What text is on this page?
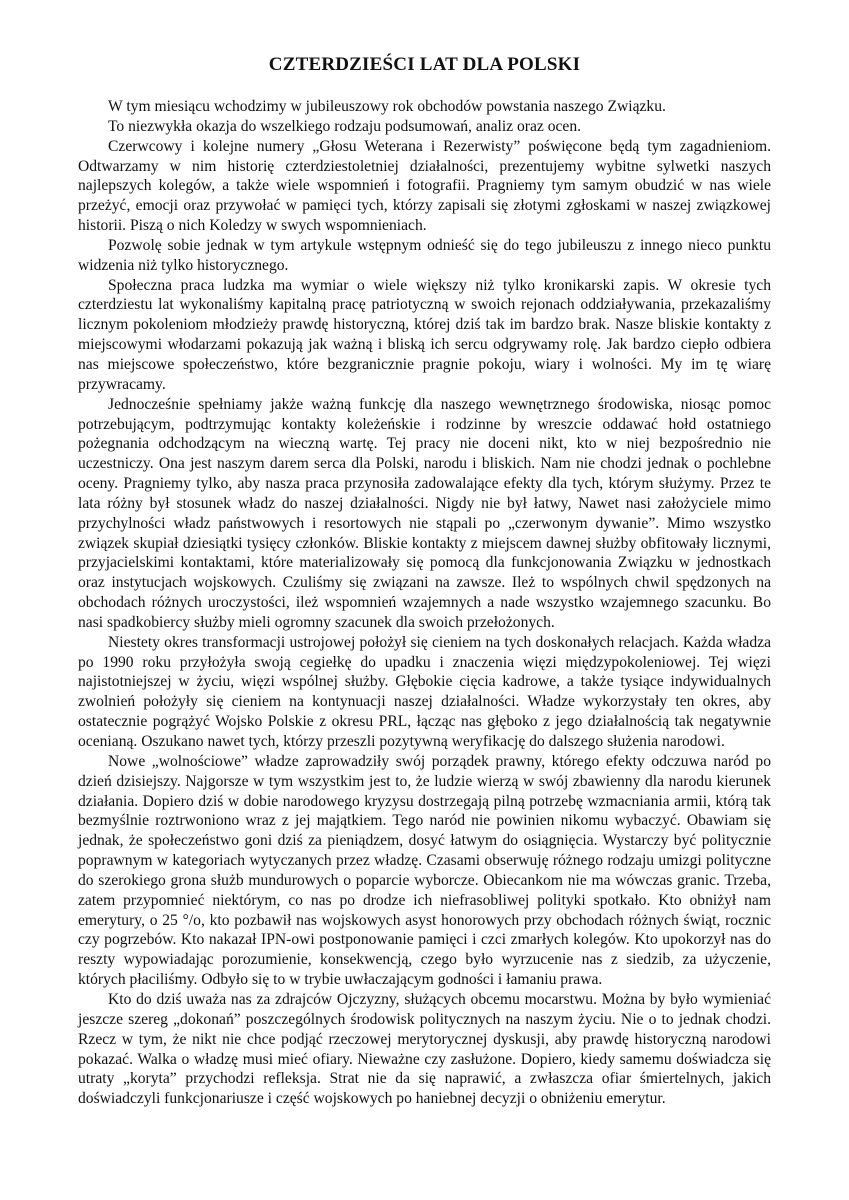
CZTERDZIEŚCI LAT DLA POLSKI

W tym miesiącu wchodzimy w jubileuszowy rok obchodów powstania naszego Związku.

To niezwykła okazja do wszelkiego rodzaju podsumowań, analiz oraz ocen.

Czerwcowy i kolejne numery „Głosu Weterana i Rezerwisty” poświęcone będą tym zagadnieniom. Odtwarzamy w nim historię czterdziestoletniej działalności, prezentujemy wybitne sylwetki naszych najlepszych kolegów, a także wiele wspomnień i fotografii. Pragniemy tym samym obudzić w nas wiele przeżyć, emocji oraz przywołać w pamięci tych, którzy zapisali się złotymi zgłoskami w naszej związkowej historii. Piszą o nich Koledzy w swych wspomnieniach.

Pozwolę sobie jednak w tym artykule wstępnym odnieść się do tego jubileuszu z innego nieco punktu widzenia niż tylko historycznego.

Społeczna praca ludzka ma wymiar o wiele większy niż tylko kronikarski zapis. W okresie tych czterdziestu lat wykonaliśmy kapitalną pracę patriotyczną w swoich rejonach oddziaływania, przekazaliśmy licznym pokoleniom młodzieży prawdę historyczną, której dziś tak im bardzo brak. Nasze bliskie kontakty z miejscowymi włodarzami pokazują jak ważną i bliską ich sercu odgrywamy rolę. Jak bardzo ciepło odbiera nas miejscowe społeczeństwo, które bezgranicznie pragnie pokoju, wiary i wolności. My im tę wiarę przywracamy.

Jednocześnie spełniamy jakże ważną funkcję dla naszego wewnętrznego środowiska, niosąc pomoc potrzebującym, podtrzymując kontakty koleżeńskie i rodzinne by wreszcie oddawać hołd ostatniego pożegnania odchodzącym na wieczną wartę. Tej pracy nie doceni nikt, kto w niej bezpośrednio nie uczestniczy. Ona jest naszym darem serca dla Polski, narodu i bliskich. Nam nie chodzi jednak o pochlebne oceny. Pragniemy tylko, aby nasza praca przynosiła zadowalające efekty dla tych, którym służymy. Przez te lata różny był stosunek władz do naszej działalności. Nigdy nie był łatwy, Nawet nasi założyciele mimo przychylności władz państwowych i resortowych nie stąpali po „czerwonym dywanie”. Mimo wszystko związek skupiał dziesiątki tysięcy członków. Bliskie kontakty z miejscem dawnej służby obfitowały licznymi, przyjacielskimi kontaktami, które materializowały się pomocą dla funkcjonowania Związku w jednostkach oraz instytucjach wojskowych. Czuliśmy się związani na zawsze. Ileż to wspólnych chwil spędzonych na obchodach różnych uroczystości, ileż wspomnień wzajemnych a nade wszystko wzajemnego szacunku. Bo nasi spadkobiercy służby mieli ogromny szacunek dla swoich przełożonych.

Niestety okres transformacji ustrojowej położył się cieniem na tych doskonałych relacjach. Każda władza po 1990 roku przyłożyła swoją cegiełkę do upadku i znaczenia więzi międzypokoleniowej. Tej więzi najistotniejszej w życiu, więzi wspólnej służby. Głębokie cięcia kadrowe, a także tysiące indywidualnych zwolnień położyły się cieniem na kontynuacji naszej działalności. Władze wykorzystały ten okres, aby ostatecznie pogrążyć Wojsko Polskie z okresu PRL, łącząc nas głęboko z jego działalnością tak negatywnie ocenianą. Oszukano nawet tych, którzy przeszli pozytywną weryfikację do dalszego służenia narodowi.

Nowe „wolnościowe” władze zaprowadziły swój porządek prawny, którego efekty odczuwa naród po dzień dzisiejszy. Najgorsze w tym wszystkim jest to, że ludzie wierzą w swój zbawienny dla narodu kierunek działania. Dopiero dziś w dobie narodowego kryzysu dostrzegają pilną potrzebę wzmacniania armii, którą tak bezmyślnie roztrwoniono wraz z jej majątkiem. Tego naród nie powinien nikomu wybaczyć. Obawiam się jednak, że społeczeństwo goni dziś za pieniądzem, dosyć łatwym do osiągnięcia. Wystarczy być politycznie poprawnym w kategoriach wytyczanych przez władzę. Czasami obserwuję różnego rodzaju umizgi polityczne do szerokiego grona służb mundurowych o poparcie wyborcze. Obiecankom nie ma wówczas granic. Trzeba, zatem przypomnieć niektórym, co nas po drodze ich niefrasobliwej polityki spotkało. Kto obniżył nam emerytury, o 25 °/o, kto pozbawił nas wojskowych asyst honorowych przy obchodach różnych świąt, rocznic czy pogrzebów. Kto nakazał IPN-owi postponowanie pamięci i czci zmarłych kolegów. Kto upokorzył nas do reszty wypowiadając porozumienie, konsekwencją, czego było wyrzucenie nas z siedzib, za użyczenie, których płaciliśmy. Odbyło się to w trybie uwłaczającym godności i łamaniu prawa.

Kto do dziś uważa nas za zdrajców Ojczyzny, służących obcemu mocarstwu. Można by było wymieniać jeszcze szereg „dokonań” poszczególnych środowisk politycznych na naszym życiu. Nie o to jednak chodzi. Rzecz w tym, że nikt nie chce podjąć rzeczowej merytorycznej dyskusji, aby prawdę historyczną narodowi pokazać. Walka o władzę musi mieć ofiary. Nieważne czy zasłużone. Dopiero, kiedy samemu doświadcza się utraty „koryta” przychodzi refleksja. Strat nie da się naprawić, a zwłaszcza ofiar śmiertelnych, jakich doświadczyli funkcjonariusze i część wojskowych po haniebnej decyzji o obniżeniu emerytur.
